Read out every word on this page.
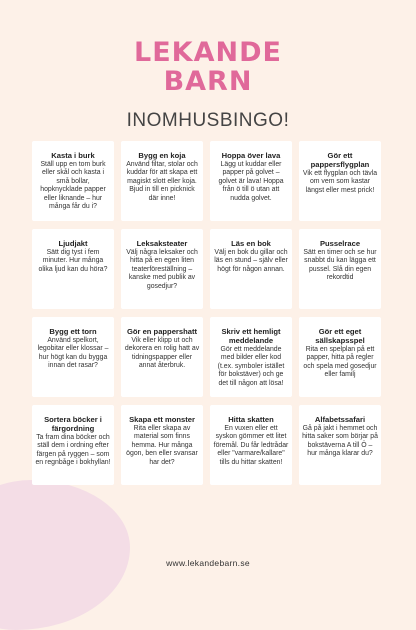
LEKANDE
BARN
INOMHUSBINGO!
Kasta i burk
Ställ upp en tom burk eller skål och kasta i små bollar, hopknycklade papper eller liknande – hur många får du i?
Bygg en koja
Använd filtar, stolar och kuddar för att skapa ett magiskt slott eller koja. Bjud in till en picknick där inne!
Hoppa över lava
Lägg ut kuddar eller papper på golvet – golvet är lava! Hoppa från ö till ö utan att nudda golvet.
Gör ett pappersflygplan
Vik ett flygplan och tävla om vem som kastar längst eller mest prick!
Ljudjakt
Sätt dig tyst i fem minuter. Hur många olika ljud kan du höra?
Leksaksteater
Välj några leksaker och hitta på en egen liten teaterföreställning – kanske med publik av gosedjur?
Läs en bok
Välj en bok du gillar och läs en stund – själv eller högt för någon annan.
Pusselrace
Sätt en timer och se hur snabbt du kan lägga ett pussel. Slå din egen rekordtid
Bygg ett torn
Använd spelkort, legobitar eller klossar – hur högt kan du bygga innan det rasar?
Gör en pappershatt
Vik eller klipp ut och dekorera en rolig hatt av tidningspapper eller annat återbruk.
Skriv ett hemligt meddelande
Gör ett meddelande med bilder eller kod (t.ex. symboler istället för bokstäver) och ge det till någon att lösa!
Gör ett eget sällskapsspel
Rita en spelplan på ett papper, hitta på regler och spela med gosedjur eller familj
Sortera böcker i färgordning
Ta fram dina böcker och ställ dem i ordning efter färgen på ryggen – som en regnbåge i bokhyllan!
Skapa ett monster
Rita eller skapa av material som finns hemma. Hur många ögon, ben eller svansar har det?
Hitta skatten
En vuxen eller ett syskon gömmer ett litet föremål. Du får ledtrådar eller "varmare/kallare" tills du hittar skatten!
Alfabetssafari
Gå på jakt i hemmet och hitta saker som börjar på bokstäverna A till Ö – hur många klarar du?
www.lekandebarn.se
